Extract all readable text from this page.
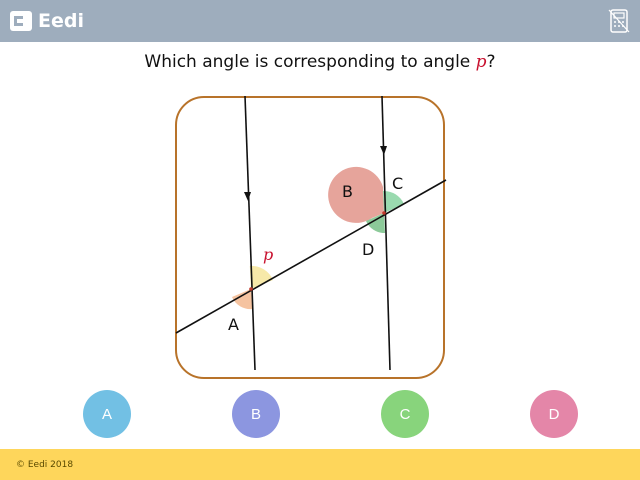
Eedi
Which angle is corresponding to angle p?
A
p
B C
D
A	B	C	D
© Eedi 2018
